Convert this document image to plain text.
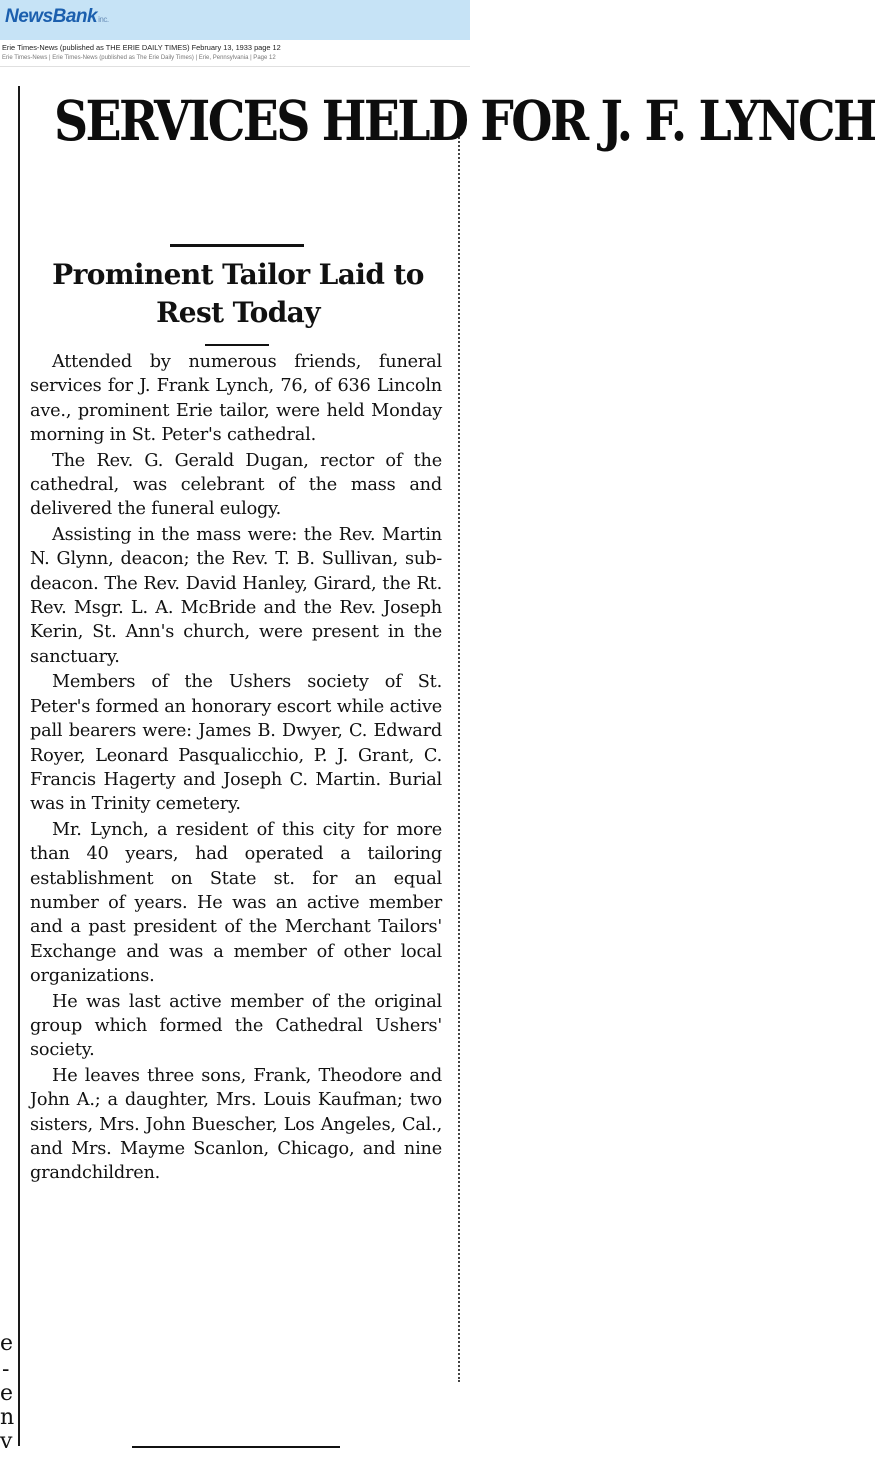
NewsBankinc.
Erie Times-News (published as THE ERIE DAILY TIMES) February 13, 1933 page 12
Erie Times-News | Erie Times-News (published as The Erie Daily Times) | Erie, Pennsylvania | Page 12
SERVICES HELD FOR J. F. LYNCH
Prominent Tailor Laid to Rest Today

Attended by numerous friends, funeral services for J. Frank Lynch, 76, of 636 Lincoln ave., prominent Erie tailor, were held Monday morning in St. Peter's cathedral.

The Rev. G. Gerald Dugan, rector of the cathedral, was celebrant of the mass and delivered the funeral eulogy.

Assisting in the mass were: the Rev. Martin N. Glynn, deacon; the Rev. T. B. Sullivan, sub-deacon. The Rev. David Hanley, Girard, the Rt. Rev. Msgr. L. A. McBride and the Rev. Joseph Kerin, St. Ann's church, were present in the sanctuary.

Members of the Ushers society of St. Peter's formed an honorary escort while active pall bearers were: James B. Dwyer, C. Edward Royer, Leonard Pasqualicchio, P. J. Grant, C. Francis Hagerty and Joseph C. Martin. Burial was in Trinity cemetery.

Mr. Lynch, a resident of this city for more than 40 years, had operated a tailoring establishment on State st. for an equal number of years. He was an active member and a past president of the Merchant Tailors' Exchange and was a member of other local organizations.

He was last active member of the original group which formed the Cathedral Ushers' society.

He leaves three sons, Frank, Theodore and John A.; a daughter, Mrs. Louis Kaufman; two sisters, Mrs. John Buescher, Los Angeles, Cal., and Mrs. Mayme Scanlon, Chicago, and nine grandchildren.

e
-
e
n
v
